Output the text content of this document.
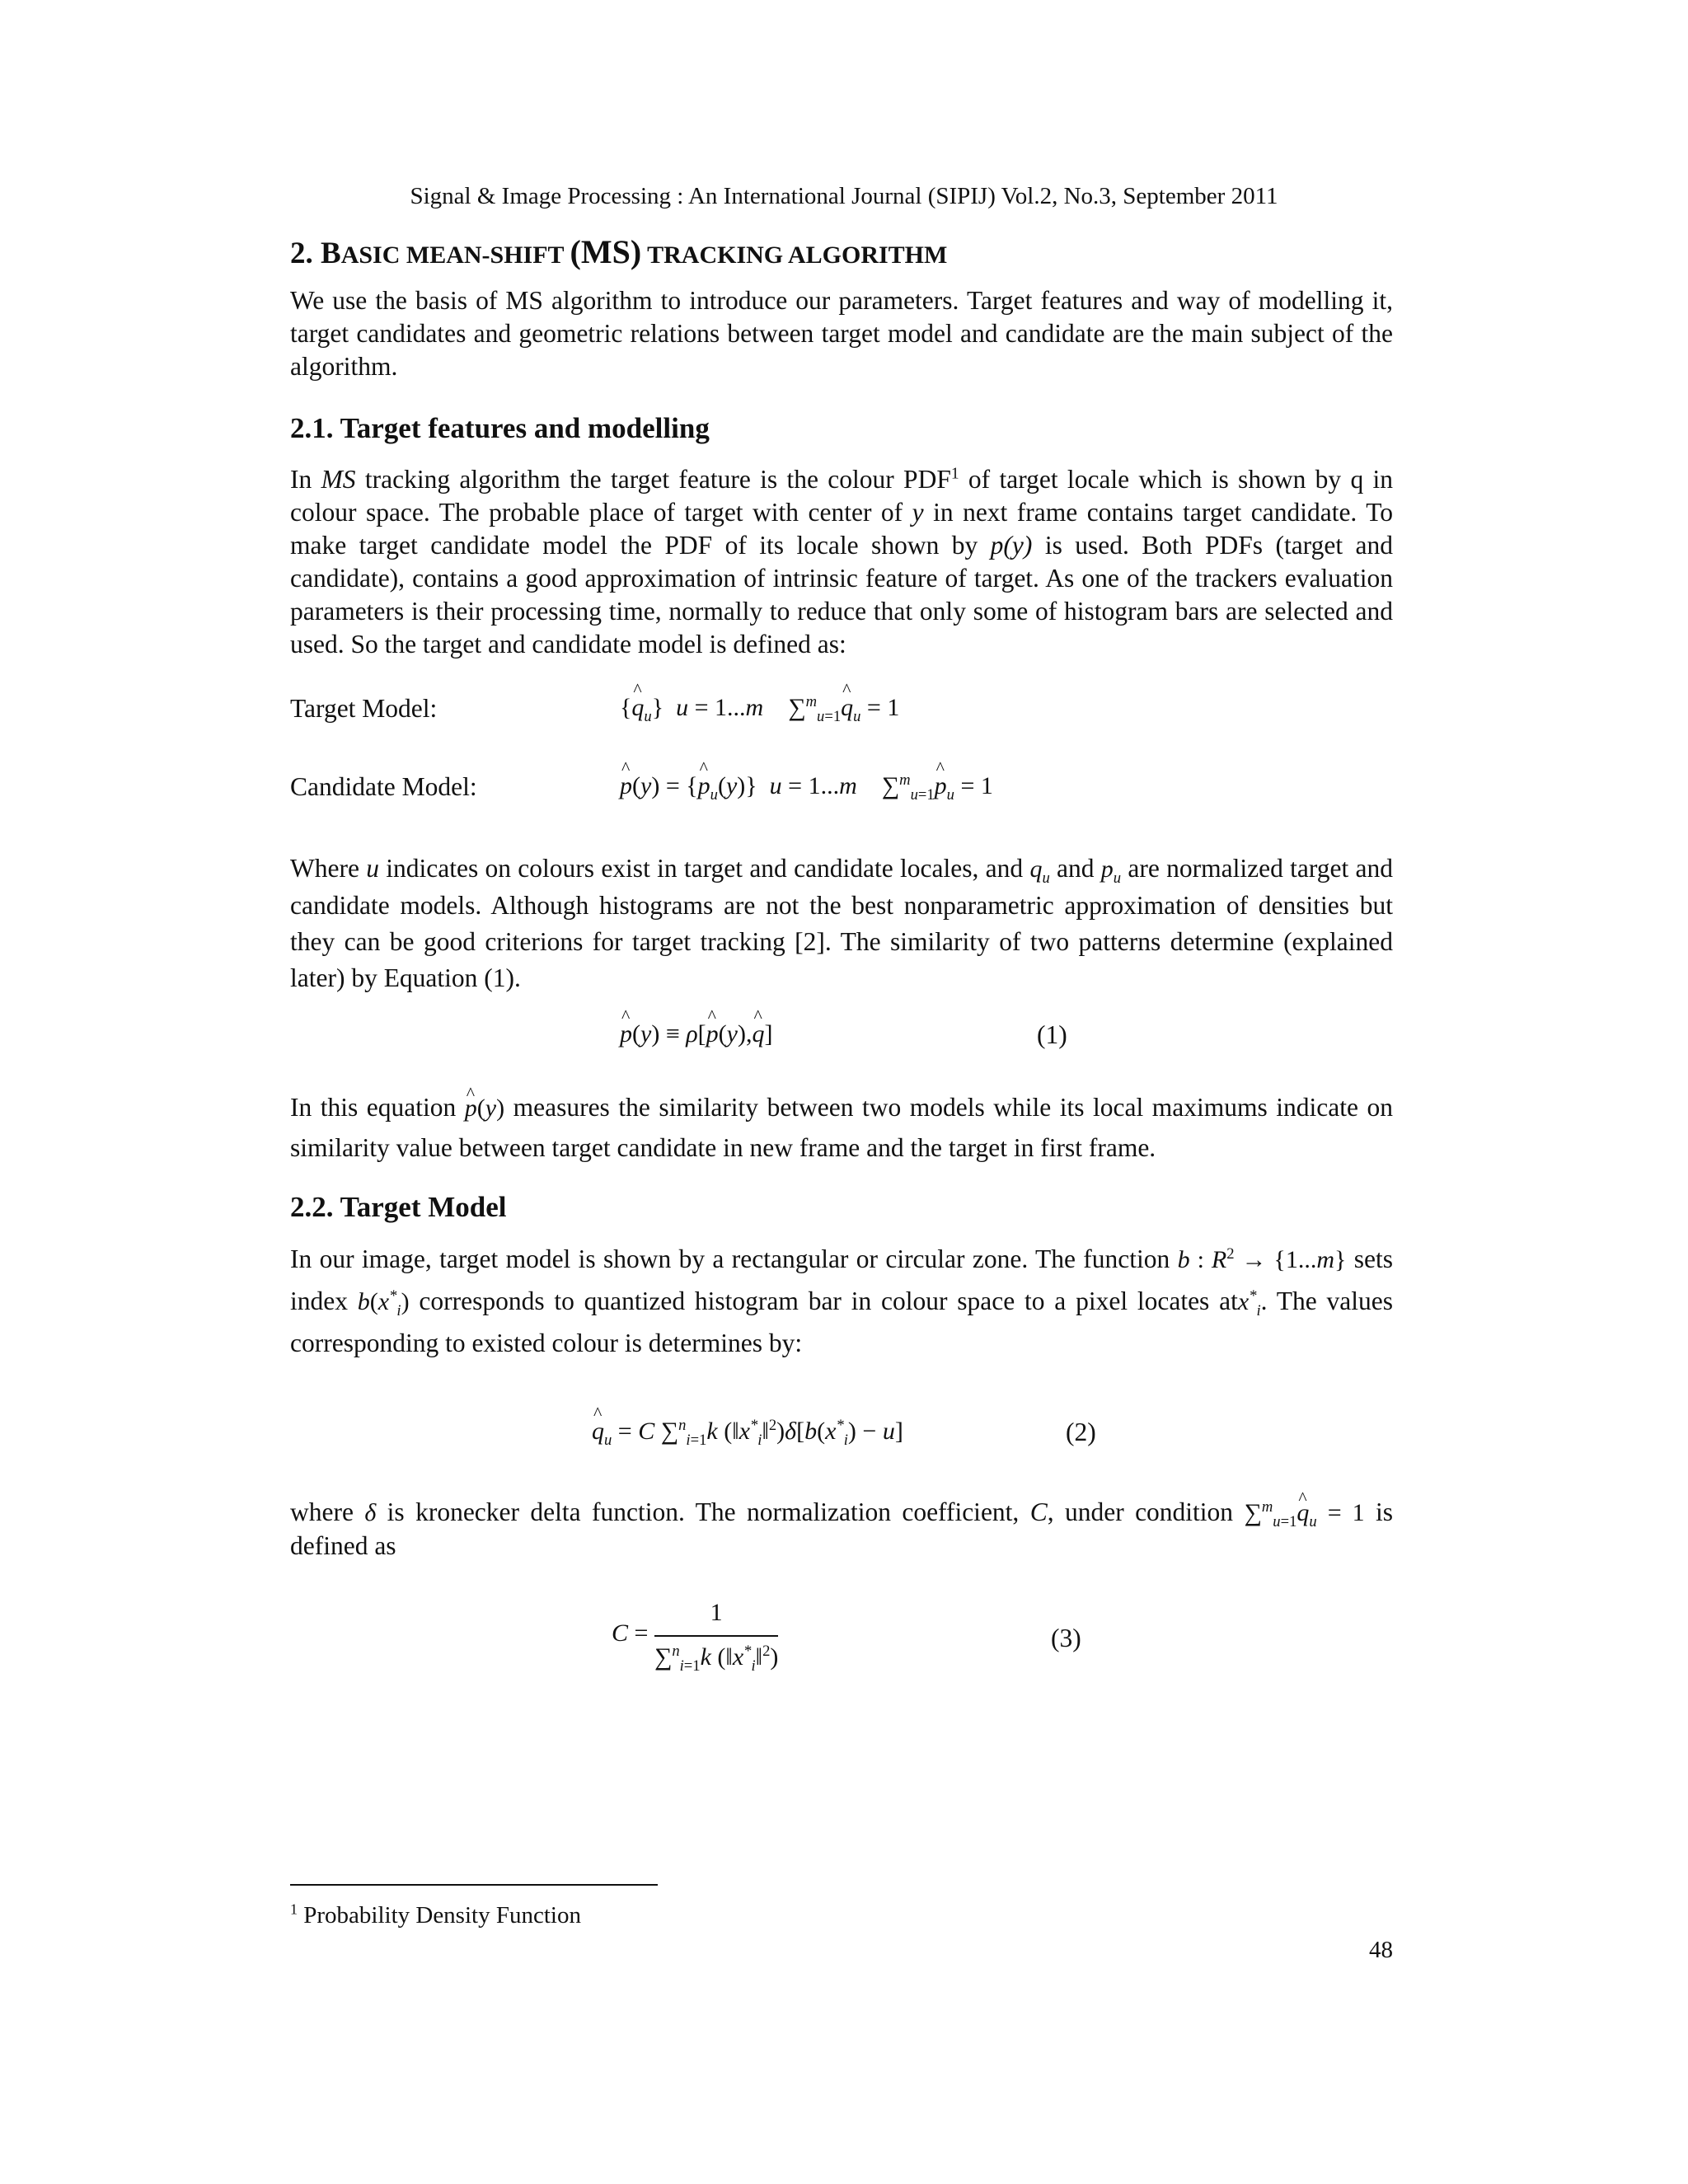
Signal & Image Processing : An International Journal (SIPIJ) Vol.2, No.3, September 2011
2. BASIC MEAN-SHIFT (MS) TRACKING ALGORITHM

We use the basis of MS algorithm to introduce our parameters. Target features and way of modelling it, target candidates and geometric relations between target model and candidate are the main subject of the algorithm.

2.1. Target features and modelling

In MS tracking algorithm the target feature is the colour PDF$^1$ of target locale which is shown by q in colour space. The probable place of target with center of y in next frame contains target candidate. To make target candidate model the PDF of its locale shown by p(y) is used. Both PDFs (target and candidate), contains a good approximation of intrinsic feature of target. As one of the trackers evaluation parameters is their processing time, normally to reduce that only some of histogram bars are selected and used. So the target and candidate model is defined as:

Target Model:	{^ $q_u$}  u = 1...m    ∑$^m_{u=1}$^ $q_u = 1$
Candidate Model:	^ p(y) = {^ $p_u(y)$}  u = 1...m    ∑$^m_{u=1}$^ $p_u = 1$

Where u indicates on colours exist in target and candidate locales, and $q_u$ and $p_u$ are normalized target and candidate models. Although histograms are not the best nonparametric approximation of densities but they can be good criterions for target tracking [2]. The similarity of two patterns determine (explained later) by Equation (1).

^ p(y) ≡ ρ[^ p(y),^ q]	(1)

In this equation ^ p(y) measures the similarity between two models while its local maximums indicate on similarity value between target candidate in new frame and the target in first frame.

2.2. Target Model

In our image, target model is shown by a rectangular or circular zone. The function b : $R^2 \to \{1...m\}$ sets index $b(x^*_i)$ corresponds to quantized histogram bar in colour space to a pixel locates atx*$_i$. The values corresponding to existed colour is determines by:

^ $q_u = C$ ∑$^n_{i=1}$k $(‖x^*_i‖^2)\delta[b(x^*_i) - u]$	(2)

where δ is kronecker delta function. The normalization coefficient, C, under condition ∑$^m_{u=1}$^ $q_u = 1$ is defined as

$C = \frac{1}{\sum^n_{i=1}k (‖x^*_i‖^2)}$	(3)
$^1$ Probability Density Function
48
